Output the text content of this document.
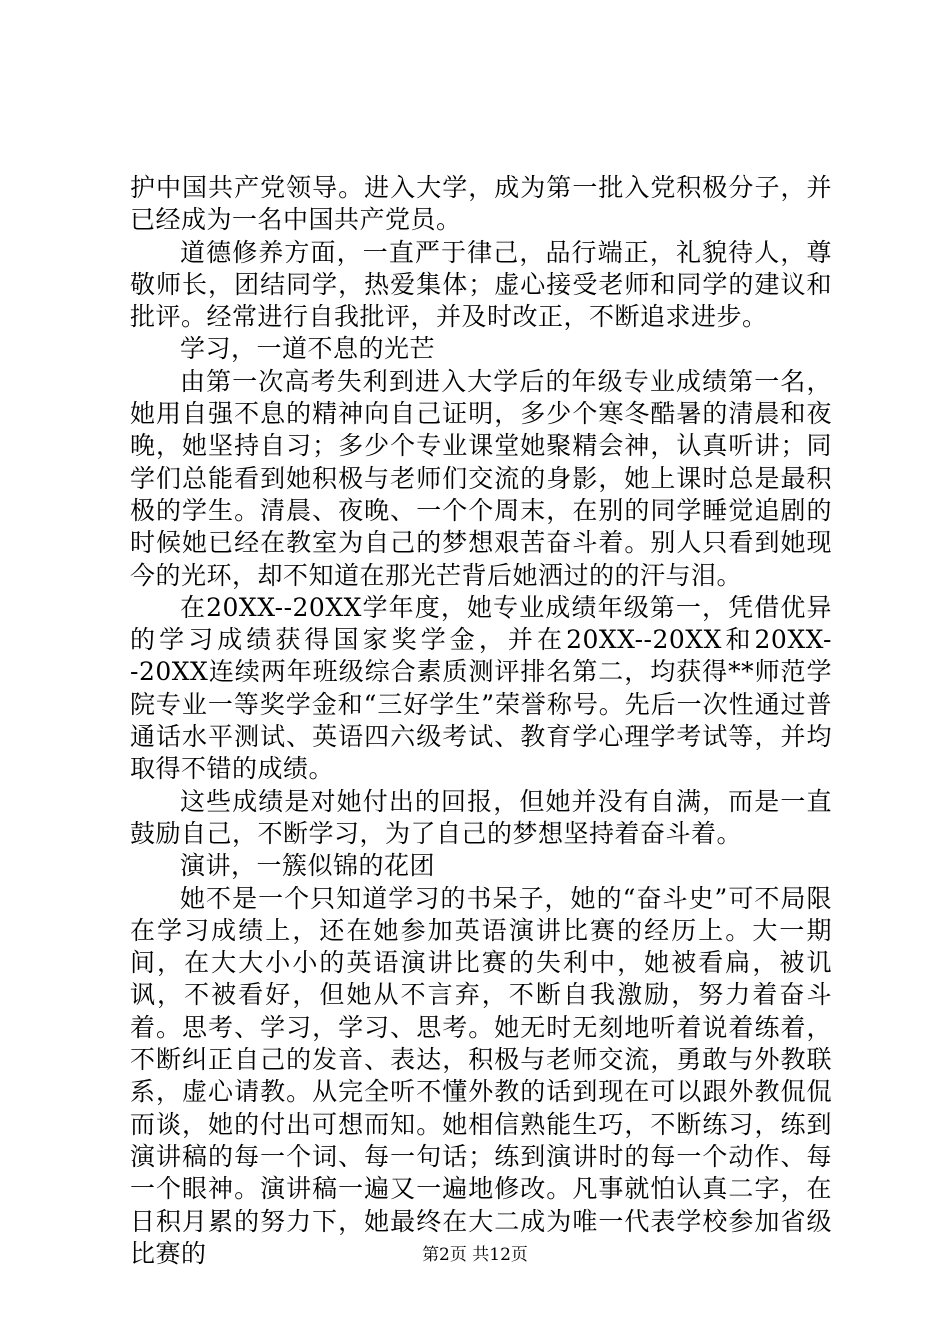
护中国共产党领导。进入大学，成为第一批入党积极分子，并已经成为一名中国共产党员。

道德修养方面，一直严于律己，品行端正，礼貌待人，尊敬师长，团结同学，热爱集体；虚心接受老师和同学的建议和批评。经常进行自我批评，并及时改正，不断追求进步。

学习，一道不息的光芒

由第一次高考失利到进入大学后的年级专业成绩第一名，她用自强不息的精神向自己证明，多少个寒冬酷暑的清晨和夜晚，她坚持自习；多少个专业课堂她聚精会神，认真听讲；同学们总能看到她积极与老师们交流的身影，她上课时总是最积极的学生。清晨、夜晚、一个个周末，在别的同学睡觉追剧的时候她已经在教室为自己的梦想艰苦奋斗着。别人只看到她现今的光环，却不知道在那光芒背后她洒过的的汗与泪。

在20XX--20XX学年度，她专业成绩年级第一，凭借优异的学习成绩获得国家奖学金，并在20XX--20XX和20XX--20XX连续两年班级综合素质测评排名第二，均获得**师范学院专业一等奖学金和“三好学生”荣誉称号。先后一次性通过普通话水平测试、英语四六级考试、教育学心理学考试等，并均取得不错的成绩。

这些成绩是对她付出的回报，但她并没有自满，而是一直鼓励自己，不断学习，为了自己的梦想坚持着奋斗着。

演讲，一簇似锦的花团

她不是一个只知道学习的书呆子，她的“奋斗史”可不局限在学习成绩上，还在她参加英语演讲比赛的经历上。大一期间，在大大小小的英语演讲比赛的失利中，她被看扁，被讥讽，不被看好，但她从不言弃，不断自我激励，努力着奋斗着。思考、学习，学习、思考。她无时无刻地听着说着练着，不断纠正自己的发音、表达，积极与老师交流，勇敢与外教联系，虚心请教。从完全听不懂外教的话到现在可以跟外教侃侃而谈，她的付出可想而知。她相信熟能生巧，不断练习，练到演讲稿的每一个词、每一句话；练到演讲时的每一个动作、每一个眼神。演讲稿一遍又一遍地修改。凡事就怕认真二字，在日积月累的努力下，她最终在大二成为唯一代表学校参加省级比赛的	第2页 共12页
